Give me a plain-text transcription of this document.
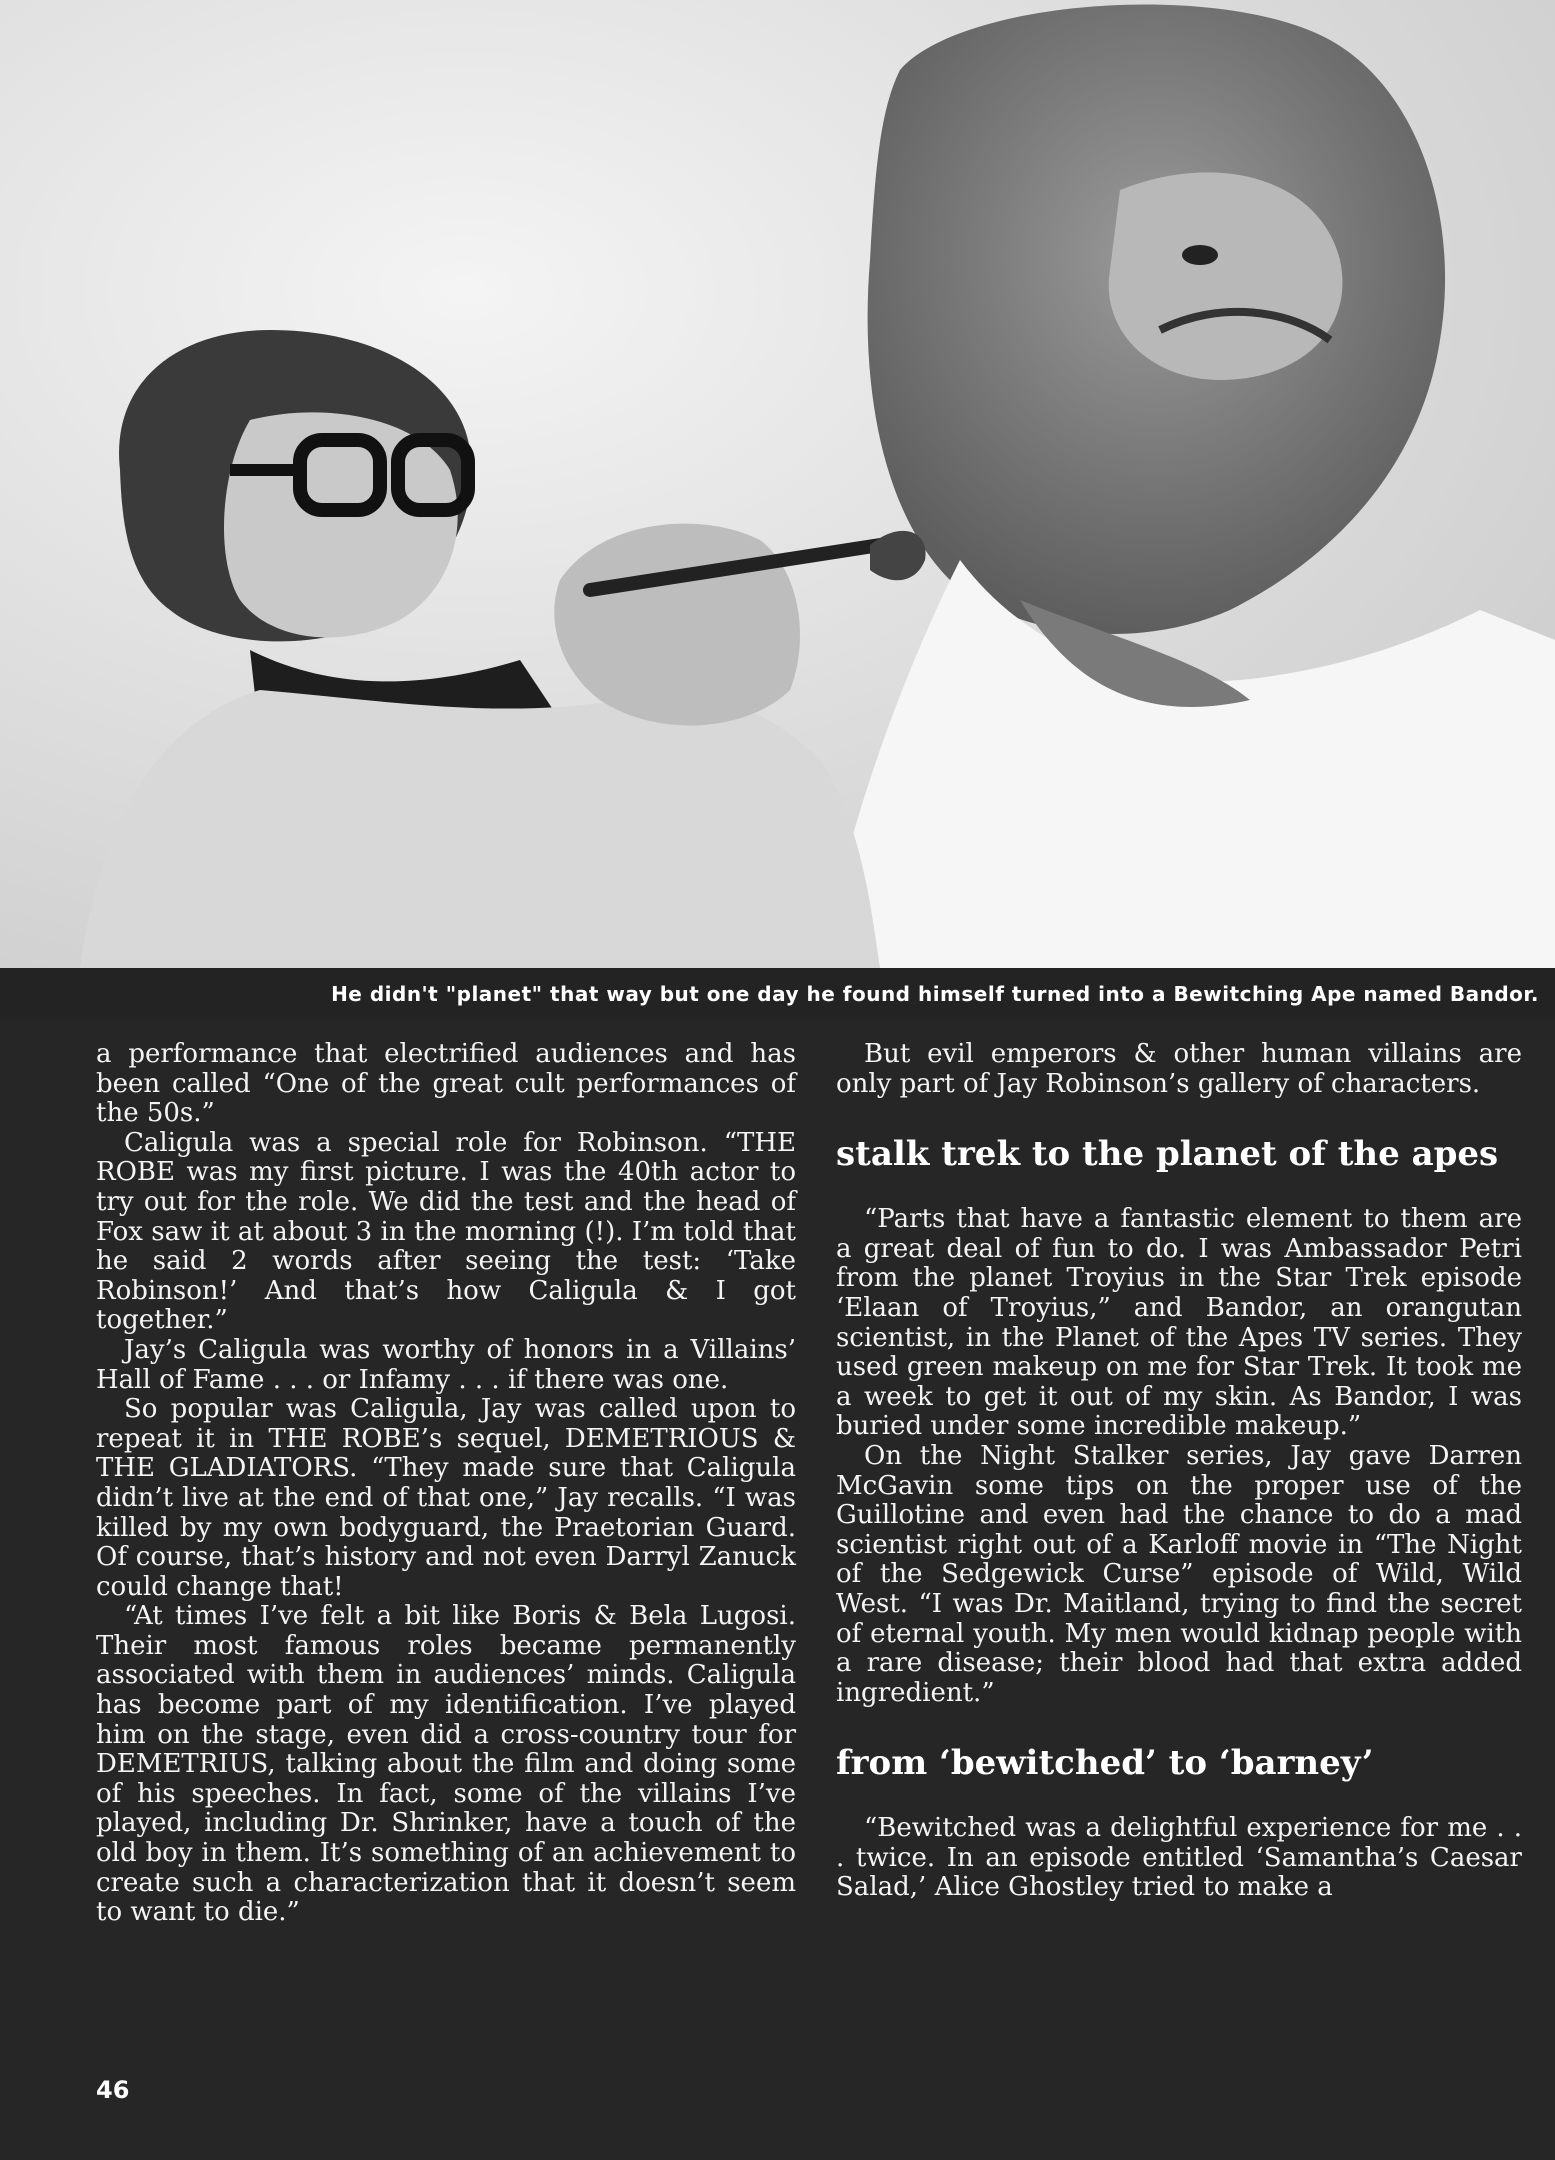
He didn't "planet" that way but one day he found himself turned into a Bewitching Ape named Bandor.

a performance that electrified audiences and has been called “One of the great cult performances of the 50s.”

Caligula was a special role for Robinson. “THE ROBE was my first picture. I was the 40th actor to try out for the role. We did the test and the head of Fox saw it at about 3 in the morning (!). I’m told that he said 2 words after seeing the test: ‘Take Robinson!’ And that’s how Caligula & I got together.”

Jay’s Caligula was worthy of honors in a Villains’ Hall of Fame . . . or Infamy . . . if there was one.

So popular was Caligula, Jay was called upon to repeat it in THE ROBE’s sequel, DEMETRIOUS & THE GLADIATORS. “They made sure that Caligula didn’t live at the end of that one,” Jay recalls. “I was killed by my own bodyguard, the Praetorian Guard. Of course, that’s history and not even Darryl Zanuck could change that!

“At times I’ve felt a bit like Boris & Bela Lugosi. Their most famous roles became permanently associated with them in audiences’ minds. Caligula has become part of my identification. I’ve played him on the stage, even did a cross-country tour for DEMETRIUS, talking about the film and doing some of his speeches. In fact, some of the villains I’ve played, including Dr. Shrinker, have a touch of the old boy in them. It’s something of an achievement to create such a characterization that it doesn’t seem to want to die.”

But evil emperors & other human villains are only part of Jay Robinson’s gallery of characters.

stalk trek to the planet of the apes

“Parts that have a fantastic element to them are a great deal of fun to do. I was Ambassador Petri from the planet Troyius in the Star Trek episode ‘Elaan of Troyius,” and Bandor, an orangutan scientist, in the Planet of the Apes TV series. They used green makeup on me for Star Trek. It took me a week to get it out of my skin. As Bandor, I was buried under some incredible makeup.”

On the Night Stalker series, Jay gave Darren McGavin some tips on the proper use of the Guillotine and even had the chance to do a mad scientist right out of a Karloff movie in “The Night of the Sedgewick Curse” episode of Wild, Wild West. “I was Dr. Maitland, trying to find the secret of eternal youth. My men would kidnap people with a rare disease; their blood had that extra added ingredient.”

from ‘bewitched’ to ‘barney’

“Bewitched was a delightful experience for me . . . twice. In an episode entitled ‘Samantha’s Caesar Salad,’ Alice Ghostley tried to make a

46
